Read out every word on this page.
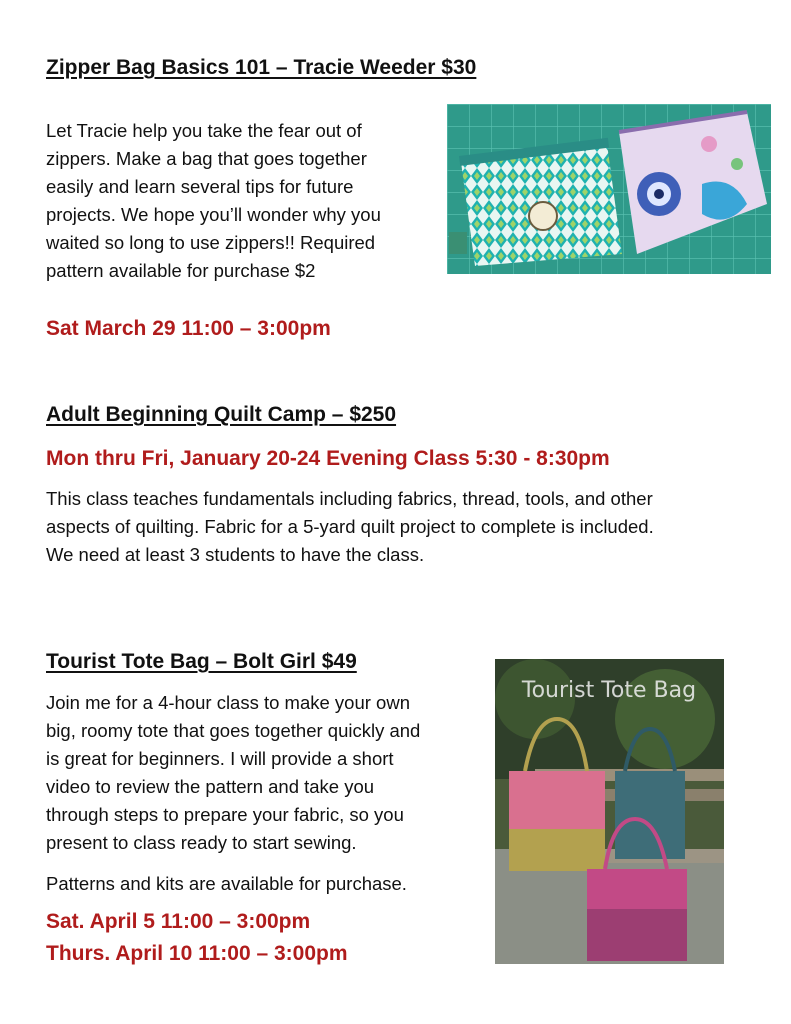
Zipper Bag Basics 101 – Tracie Weeder $30
Let Tracie help you take the fear out of
zippers. Make a bag that goes together
easily and learn several tips for future
projects. We hope you’ll wonder why you
waited so long to use zippers!! Required
pattern available for purchase $2
Sat March 29 11:00 – 3:00pm
Adult Beginning Quilt Camp – $250
Mon thru Fri, January 20-24 Evening Class 5:30 - 8:30pm
This class teaches fundamentals including fabrics, thread, tools, and other
aspects of quilting. Fabric for a 5-yard quilt project to complete is included.
We need at least 3 students to have the class.
Tourist Tote Bag – Bolt Girl $49
Join me for a 4-hour class to make your own
big, roomy tote that goes together quickly and
is great for beginners. I will provide a short
video to review the pattern and take you
through steps to prepare your fabric, so you
present to class ready to start sewing.
Patterns and kits are available for purchase.
Sat. April 5 11:00 – 3:00pm
Thurs. April 10 11:00 – 3:00pm
Tourist Tote Bag
